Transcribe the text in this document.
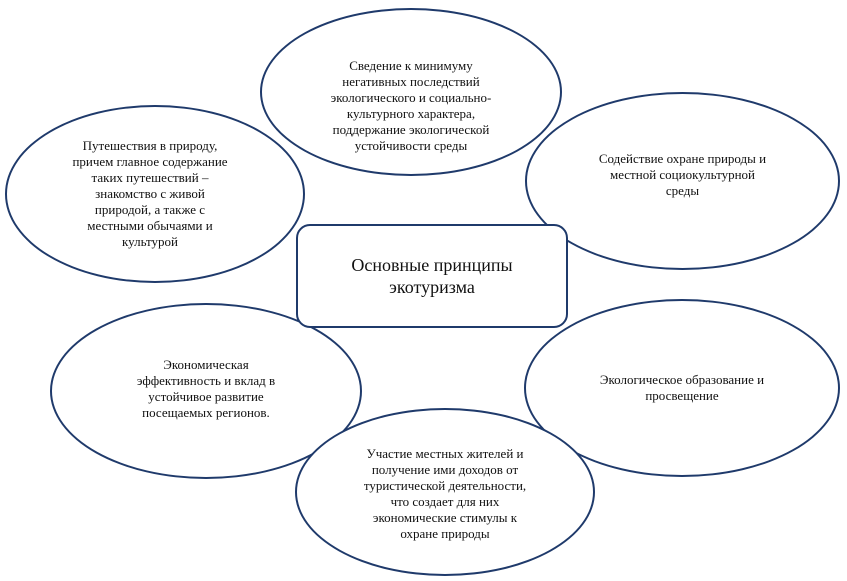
Сведение к минимуму
негативных последствий
экологического и социально-
культурного характера,
поддержание экологической
устойчивости среды
Путешествия в природу,
причем главное содержание
таких путешествий –
знакомство с живой
природой, а также с
местными обычаями и
культурой
Содействие охране природы и
местной социокультурной
среды
Экономическая
эффективность и вклад в
устойчивое развитие
посещаемых регионов.
Экологическое образование и
просвещение
Участие местных жителей и
получение ими доходов от
туристической деятельности,
что создает для них
экономические стимулы к
охране природы
Основные принципы
экотуризма
